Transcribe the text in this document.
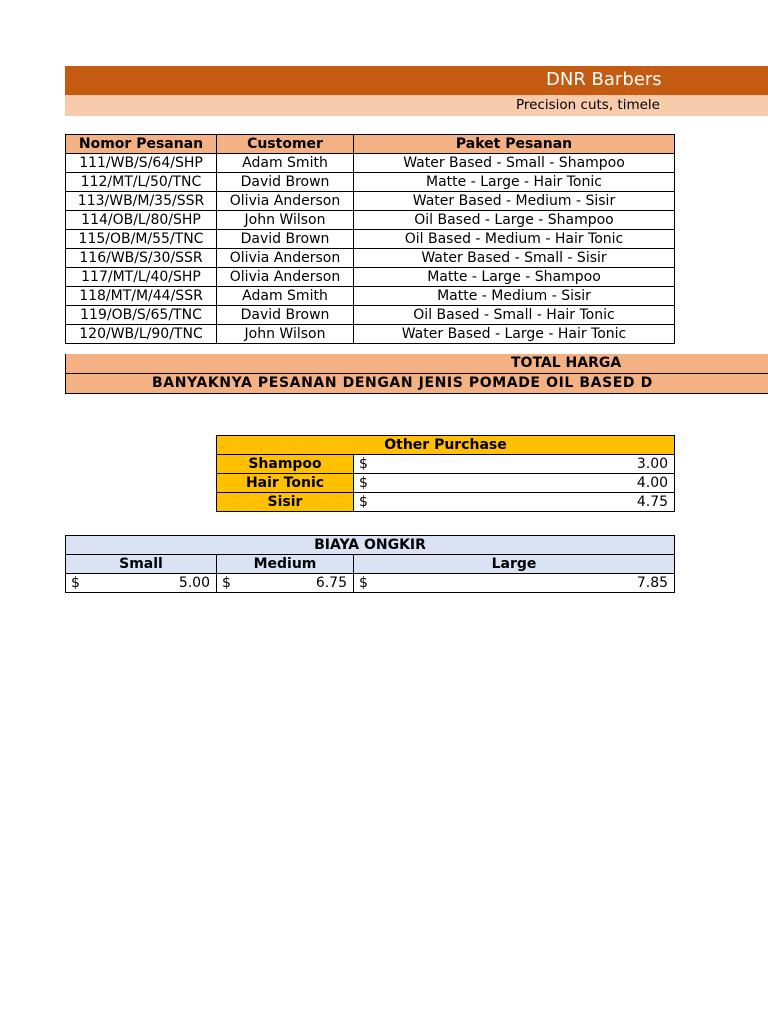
DNR Barbers
Precision cuts, timele
Nomor Pesanan	Customer	Paket Pesanan
111/WB/S/64/SHP	Adam Smith	Water Based - Small - Shampoo
112/MT/L/50/TNC	David Brown	Matte - Large - Hair Tonic
113/WB/M/35/SSR	Olivia Anderson	Water Based - Medium - Sisir
114/OB/L/80/SHP	John Wilson	Oil Based - Large - Shampoo
115/OB/M/55/TNC	David Brown	Oil Based - Medium - Hair Tonic
116/WB/S/30/SSR	Olivia Anderson	Water Based - Small - Sisir
117/MT/L/40/SHP	Olivia Anderson	Matte - Large - Shampoo
118/MT/M/44/SSR	Adam Smith	Matte - Medium - Sisir
119/OB/S/65/TNC	David Brown	Oil Based - Small - Hair Tonic
120/WB/L/90/TNC	John Wilson	Water Based - Large - Hair Tonic
TOTAL HARGA
BANYAKNYA PESANAN DENGAN JENIS POMADE OIL BASED D
Other Purchase	
Shampoo	$ 3.00

Hair Tonic	$ 4.00

Sisir	$ 4.75
BIAYA ONGKIR		
Small	Medium	Large

$ 5.00	$ 6.75	$ 7.85
